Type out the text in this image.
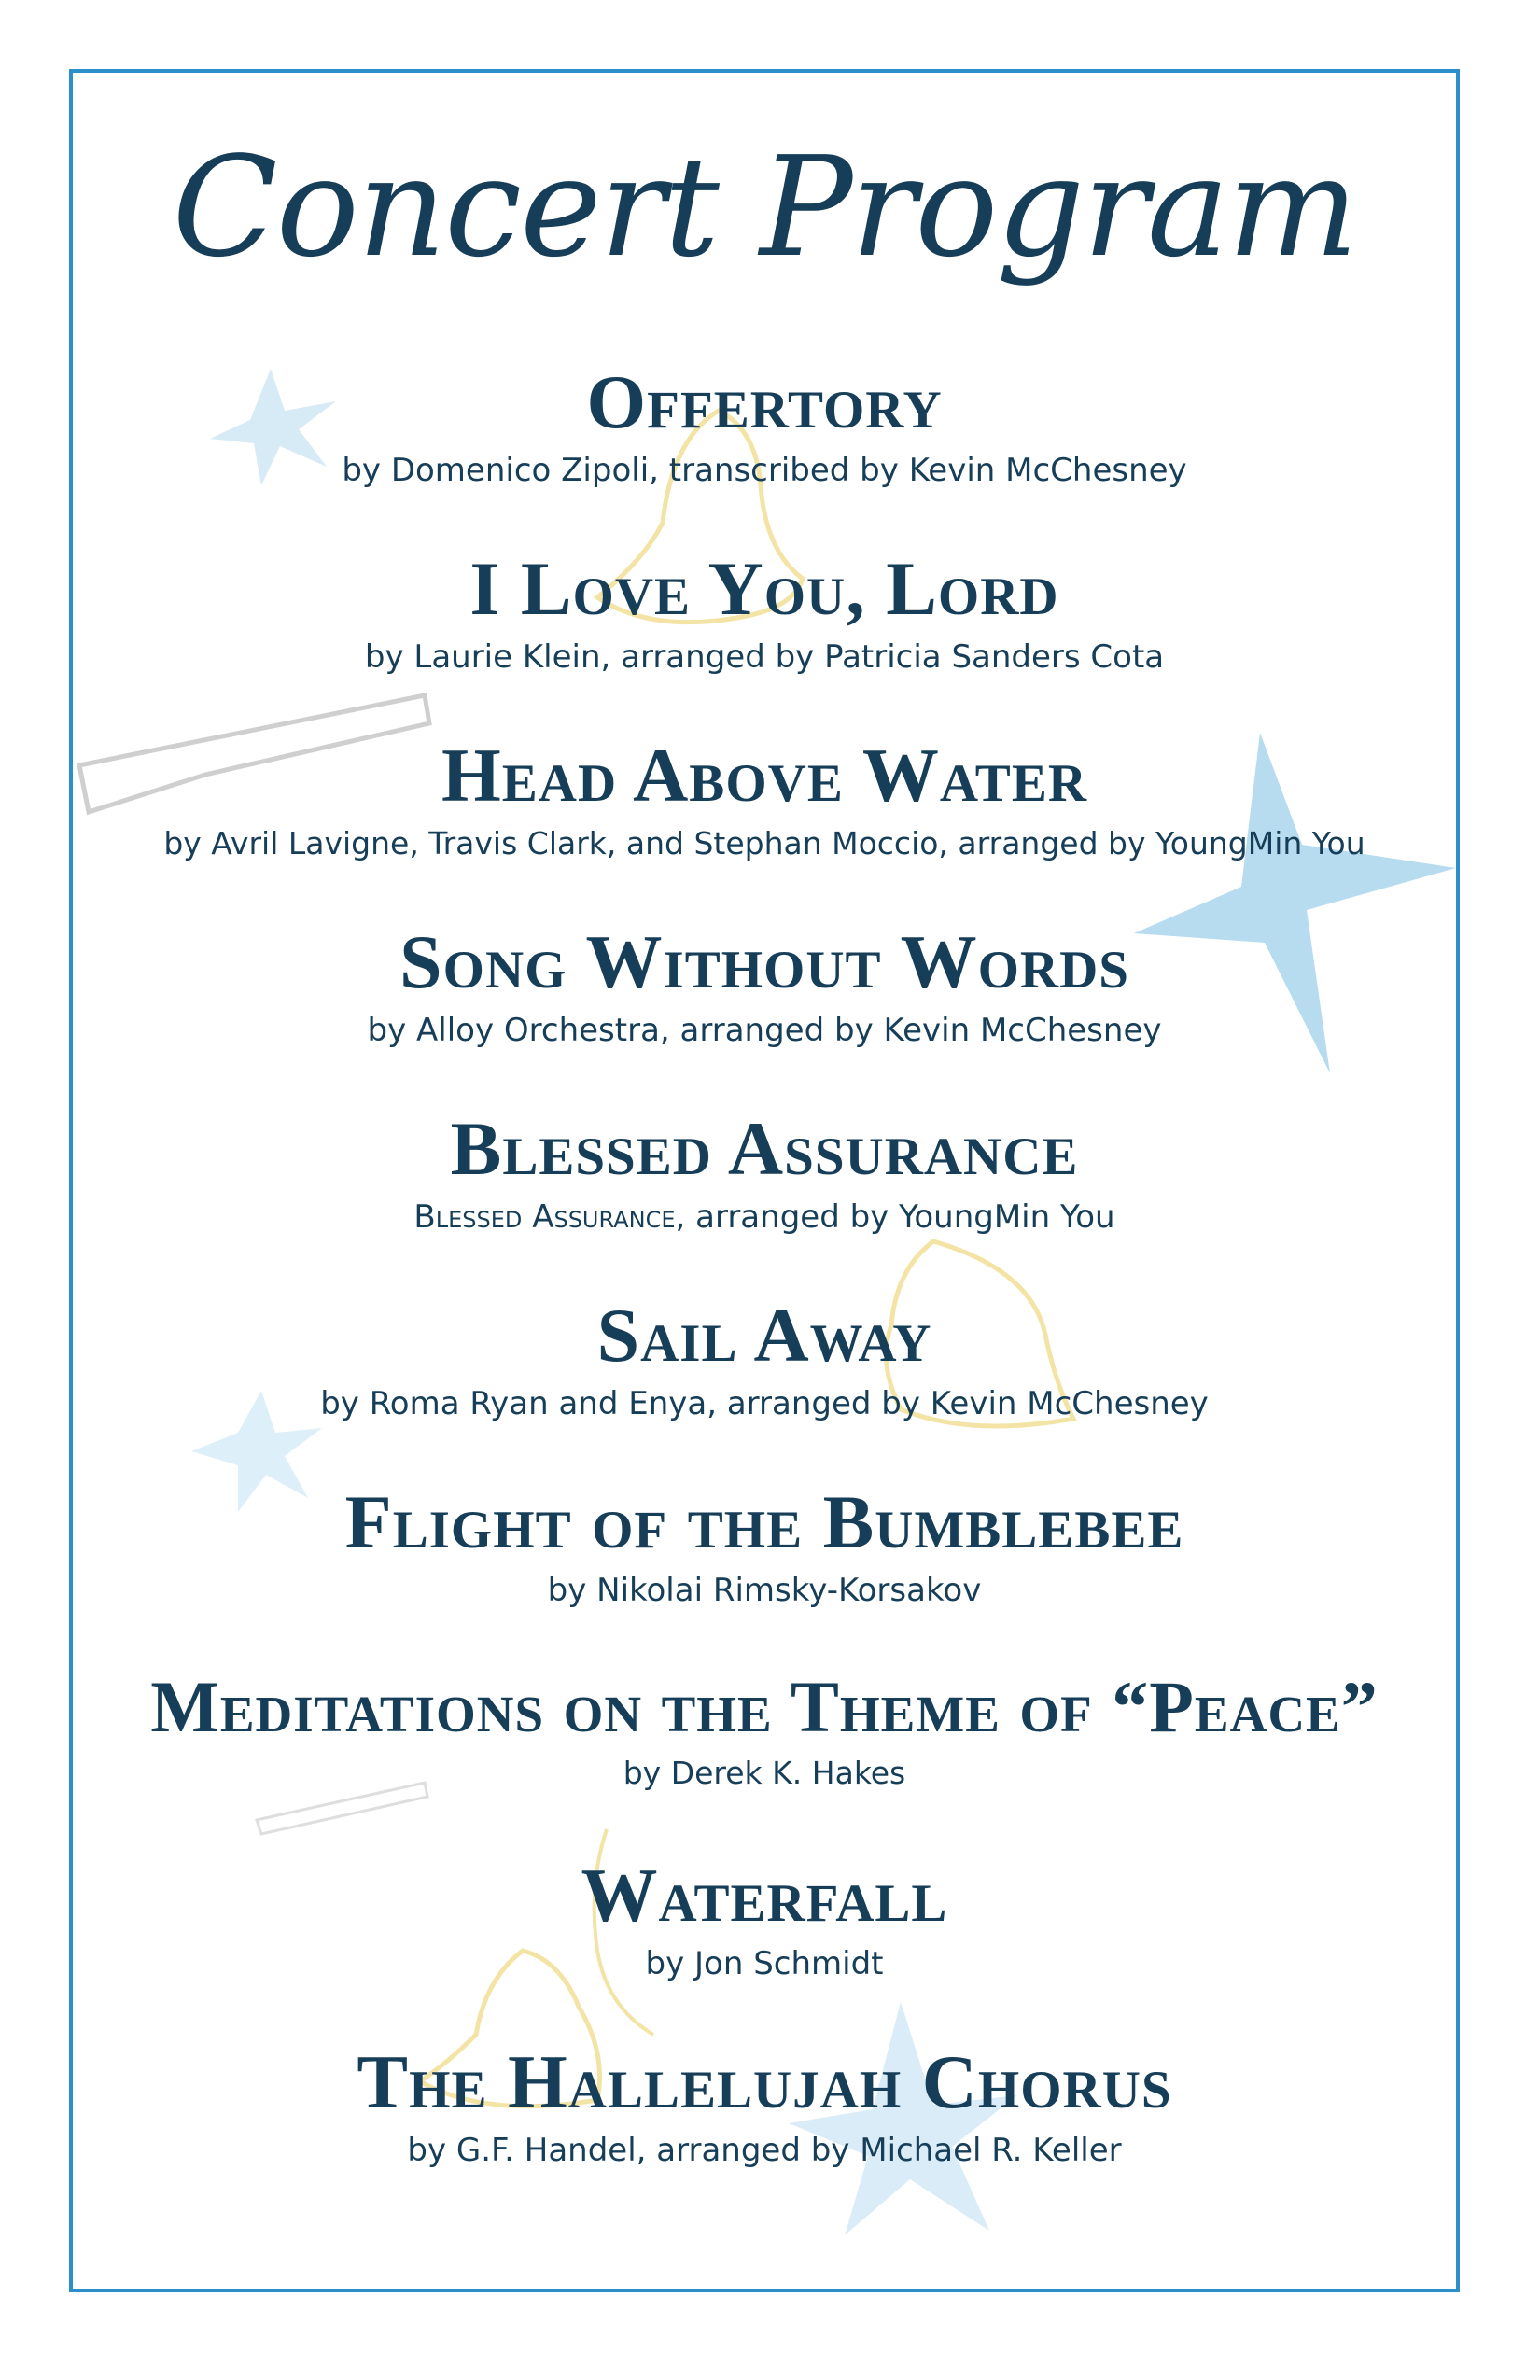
Concert Program
Offertory
by Domenico Zipoli, transcribed by Kevin McChesney
I Love You, Lord
by Laurie Klein, arranged by Patricia Sanders Cota
Head Above Water
by Avril Lavigne, Travis Clark, and Stephan Moccio, arranged by YoungMin You
Song Without Words
by Alloy Orchestra, arranged by Kevin McChesney
Blessed Assurance
Blessed Assurance, arranged by YoungMin You
Sail Away
by Roma Ryan and Enya, arranged by Kevin McChesney
Flight of the Bumblebee
by Nikolai Rimsky-Korsakov
Meditations on the Theme of “Peace”
by Derek K. Hakes
Waterfall
by Jon Schmidt
The Hallelujah Chorus
by G.F. Handel, arranged by Michael R. Keller
